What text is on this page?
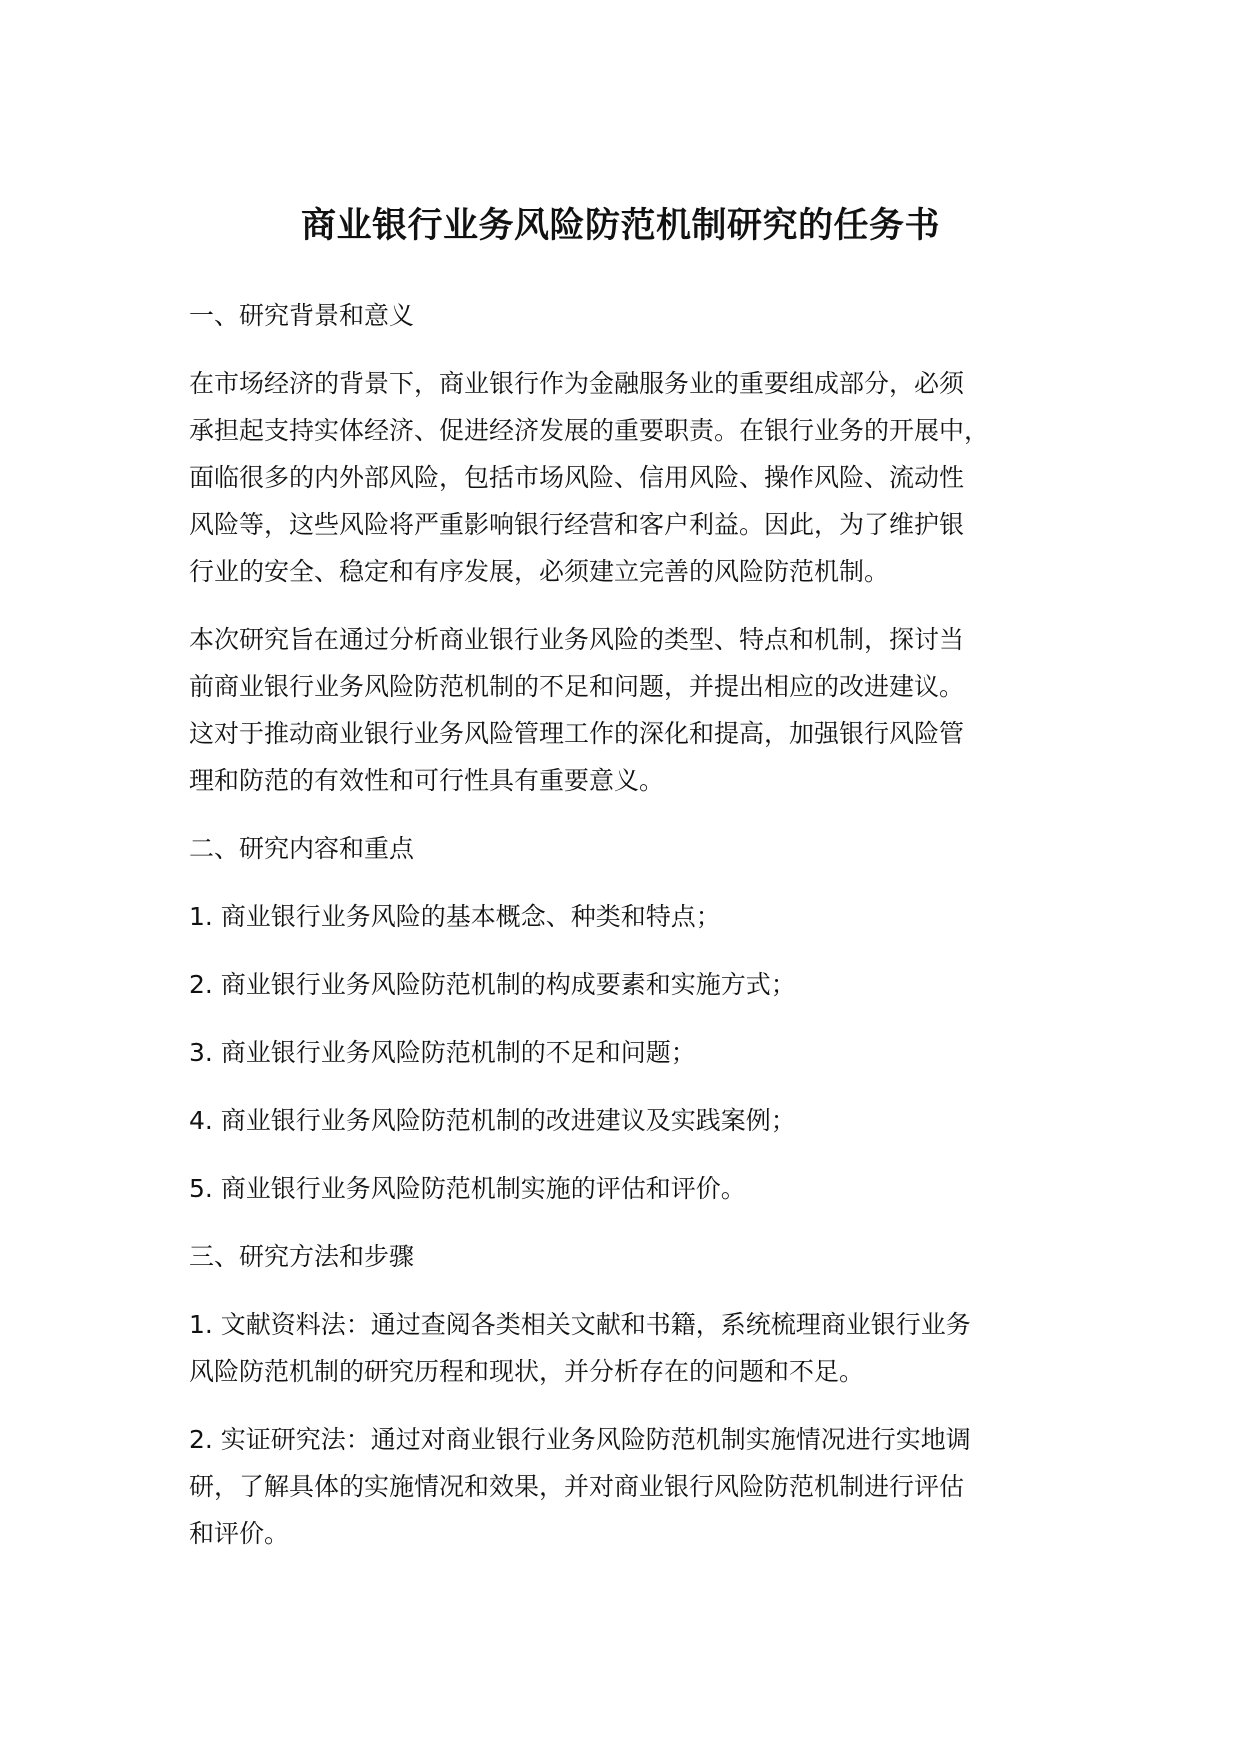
商业银行业务风险防范机制研究的任务书

一、研究背景和意义

在市场经济的背景下，商业银行作为金融服务业的重要组成部分，必须
承担起支持实体经济、促进经济发展的重要职责。在银行业务的开展中，
面临很多的内外部风险，包括市场风险、信用风险、操作风险、流动性
风险等，这些风险将严重影响银行经营和客户利益。因此，为了维护银
行业的安全、稳定和有序发展，必须建立完善的风险防范机制。

本次研究旨在通过分析商业银行业务风险的类型、特点和机制，探讨当
前商业银行业务风险防范机制的不足和问题，并提出相应的改进建议。
这对于推动商业银行业务风险管理工作的深化和提高，加强银行风险管
理和防范的有效性和可行性具有重要意义。

二、研究内容和重点

1. 商业银行业务风险的基本概念、种类和特点；

2. 商业银行业务风险防范机制的构成要素和实施方式；

3. 商业银行业务风险防范机制的不足和问题；

4. 商业银行业务风险防范机制的改进建议及实践案例；

5. 商业银行业务风险防范机制实施的评估和评价。

三、研究方法和步骤

1. 文献资料法：通过查阅各类相关文献和书籍，系统梳理商业银行业务
风险防范机制的研究历程和现状，并分析存在的问题和不足。

2. 实证研究法：通过对商业银行业务风险防范机制实施情况进行实地调
研，了解具体的实施情况和效果，并对商业银行风险防范机制进行评估
和评价。
